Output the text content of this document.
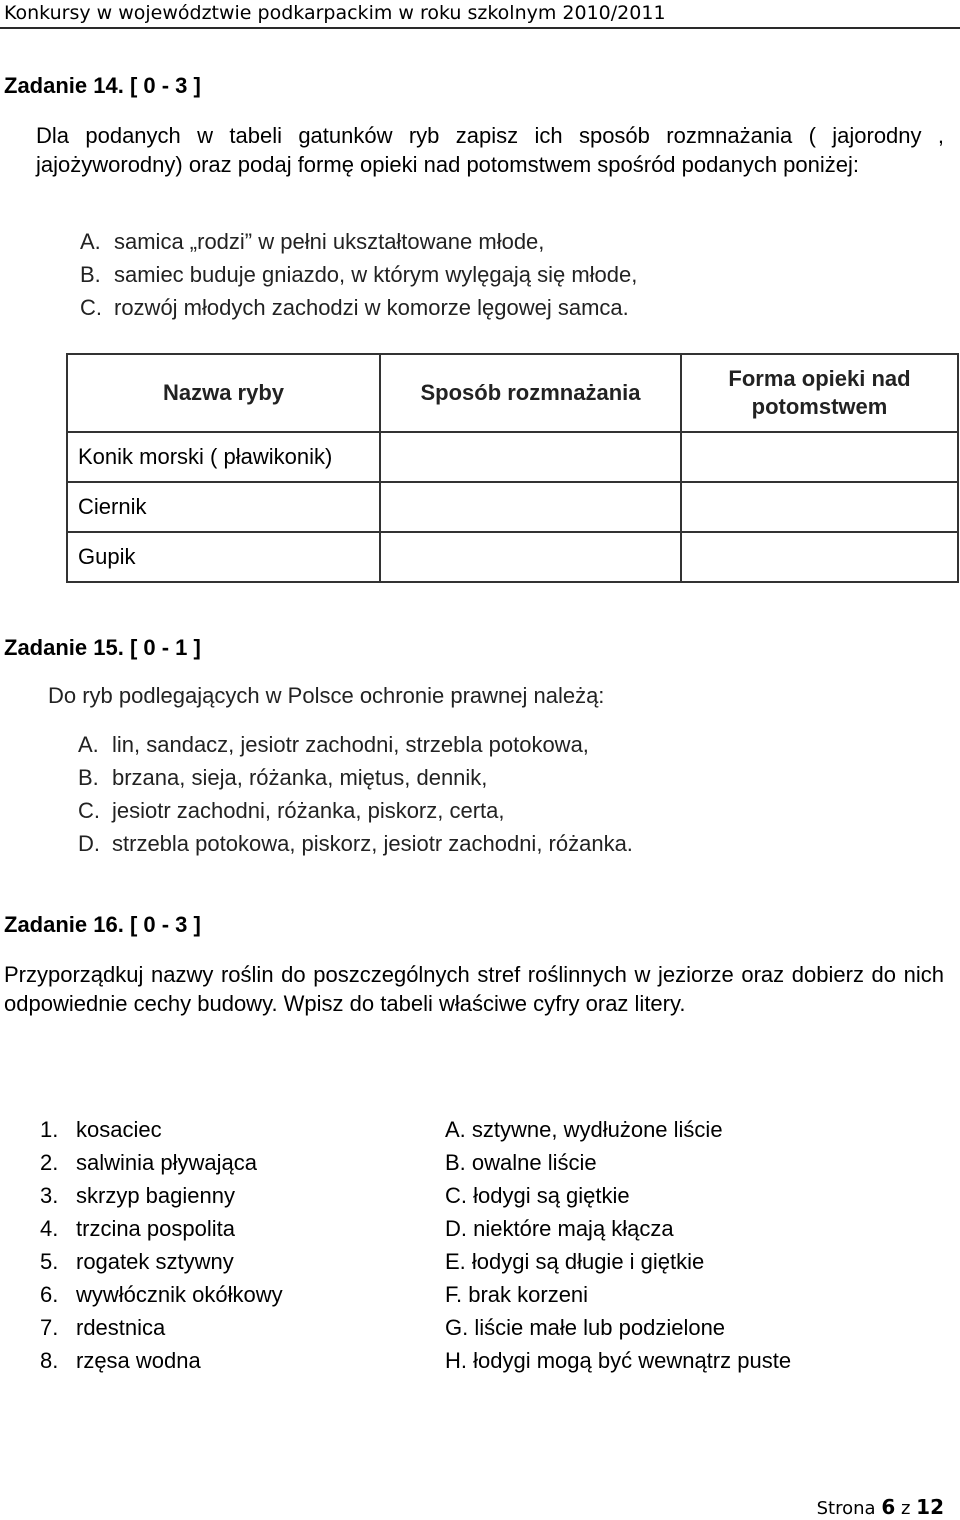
Konkursy w województwie podkarpackim w roku szkolnym 2010/2011
Zadanie 14. [ 0 - 3 ]
Dla podanych w tabeli gatunków ryb zapisz ich sposób rozmnażania ( jajorodny , jajożyworodny) oraz podaj formę opieki nad potomstwem spośród podanych poniżej:
A. samica „rodzi” w pełni ukształtowane młode,
B. samiec buduje gniazdo, w którym wylęgają się młode,
C. rozwój młodych zachodzi w komorze lęgowej samca.
Nazwa ryby	Sposób rozmnażania	Forma opieki nad potomstwem
Konik morski ( pławikonik)		
Ciernik		
Gupik		
Zadanie 15. [ 0 - 1 ]
Do ryb podlegających w Polsce ochronie prawnej należą:
A. lin, sandacz, jesiotr zachodni, strzebla potokowa,
B. brzana, sieja, różanka, miętus, dennik,
C. jesiotr zachodni, różanka, piskorz, certa,
D. strzebla potokowa, piskorz, jesiotr zachodni, różanka.
Zadanie 16. [ 0 - 3 ]
Przyporządkuj nazwy roślin do poszczególnych stref roślinnych w jeziorze oraz dobierz do nich odpowiednie cechy budowy. Wpisz do tabeli właściwe cyfry oraz litery.
1. kosaciec
2. salwinia pływająca
3. skrzyp bagienny
4. trzcina pospolita
5. rogatek sztywny
6. wywłócznik okółkowy
7. rdestnica
8. rzęsa wodna
A. sztywne, wydłużone liście
B. owalne liście
C. łodygi są giętkie
D. niektóre mają kłącza
E. łodygi są długie i giętkie
F. brak korzeni
G. liście małe lub podzielone
H. łodygi mogą być wewnątrz puste
Strona 6 z 12
